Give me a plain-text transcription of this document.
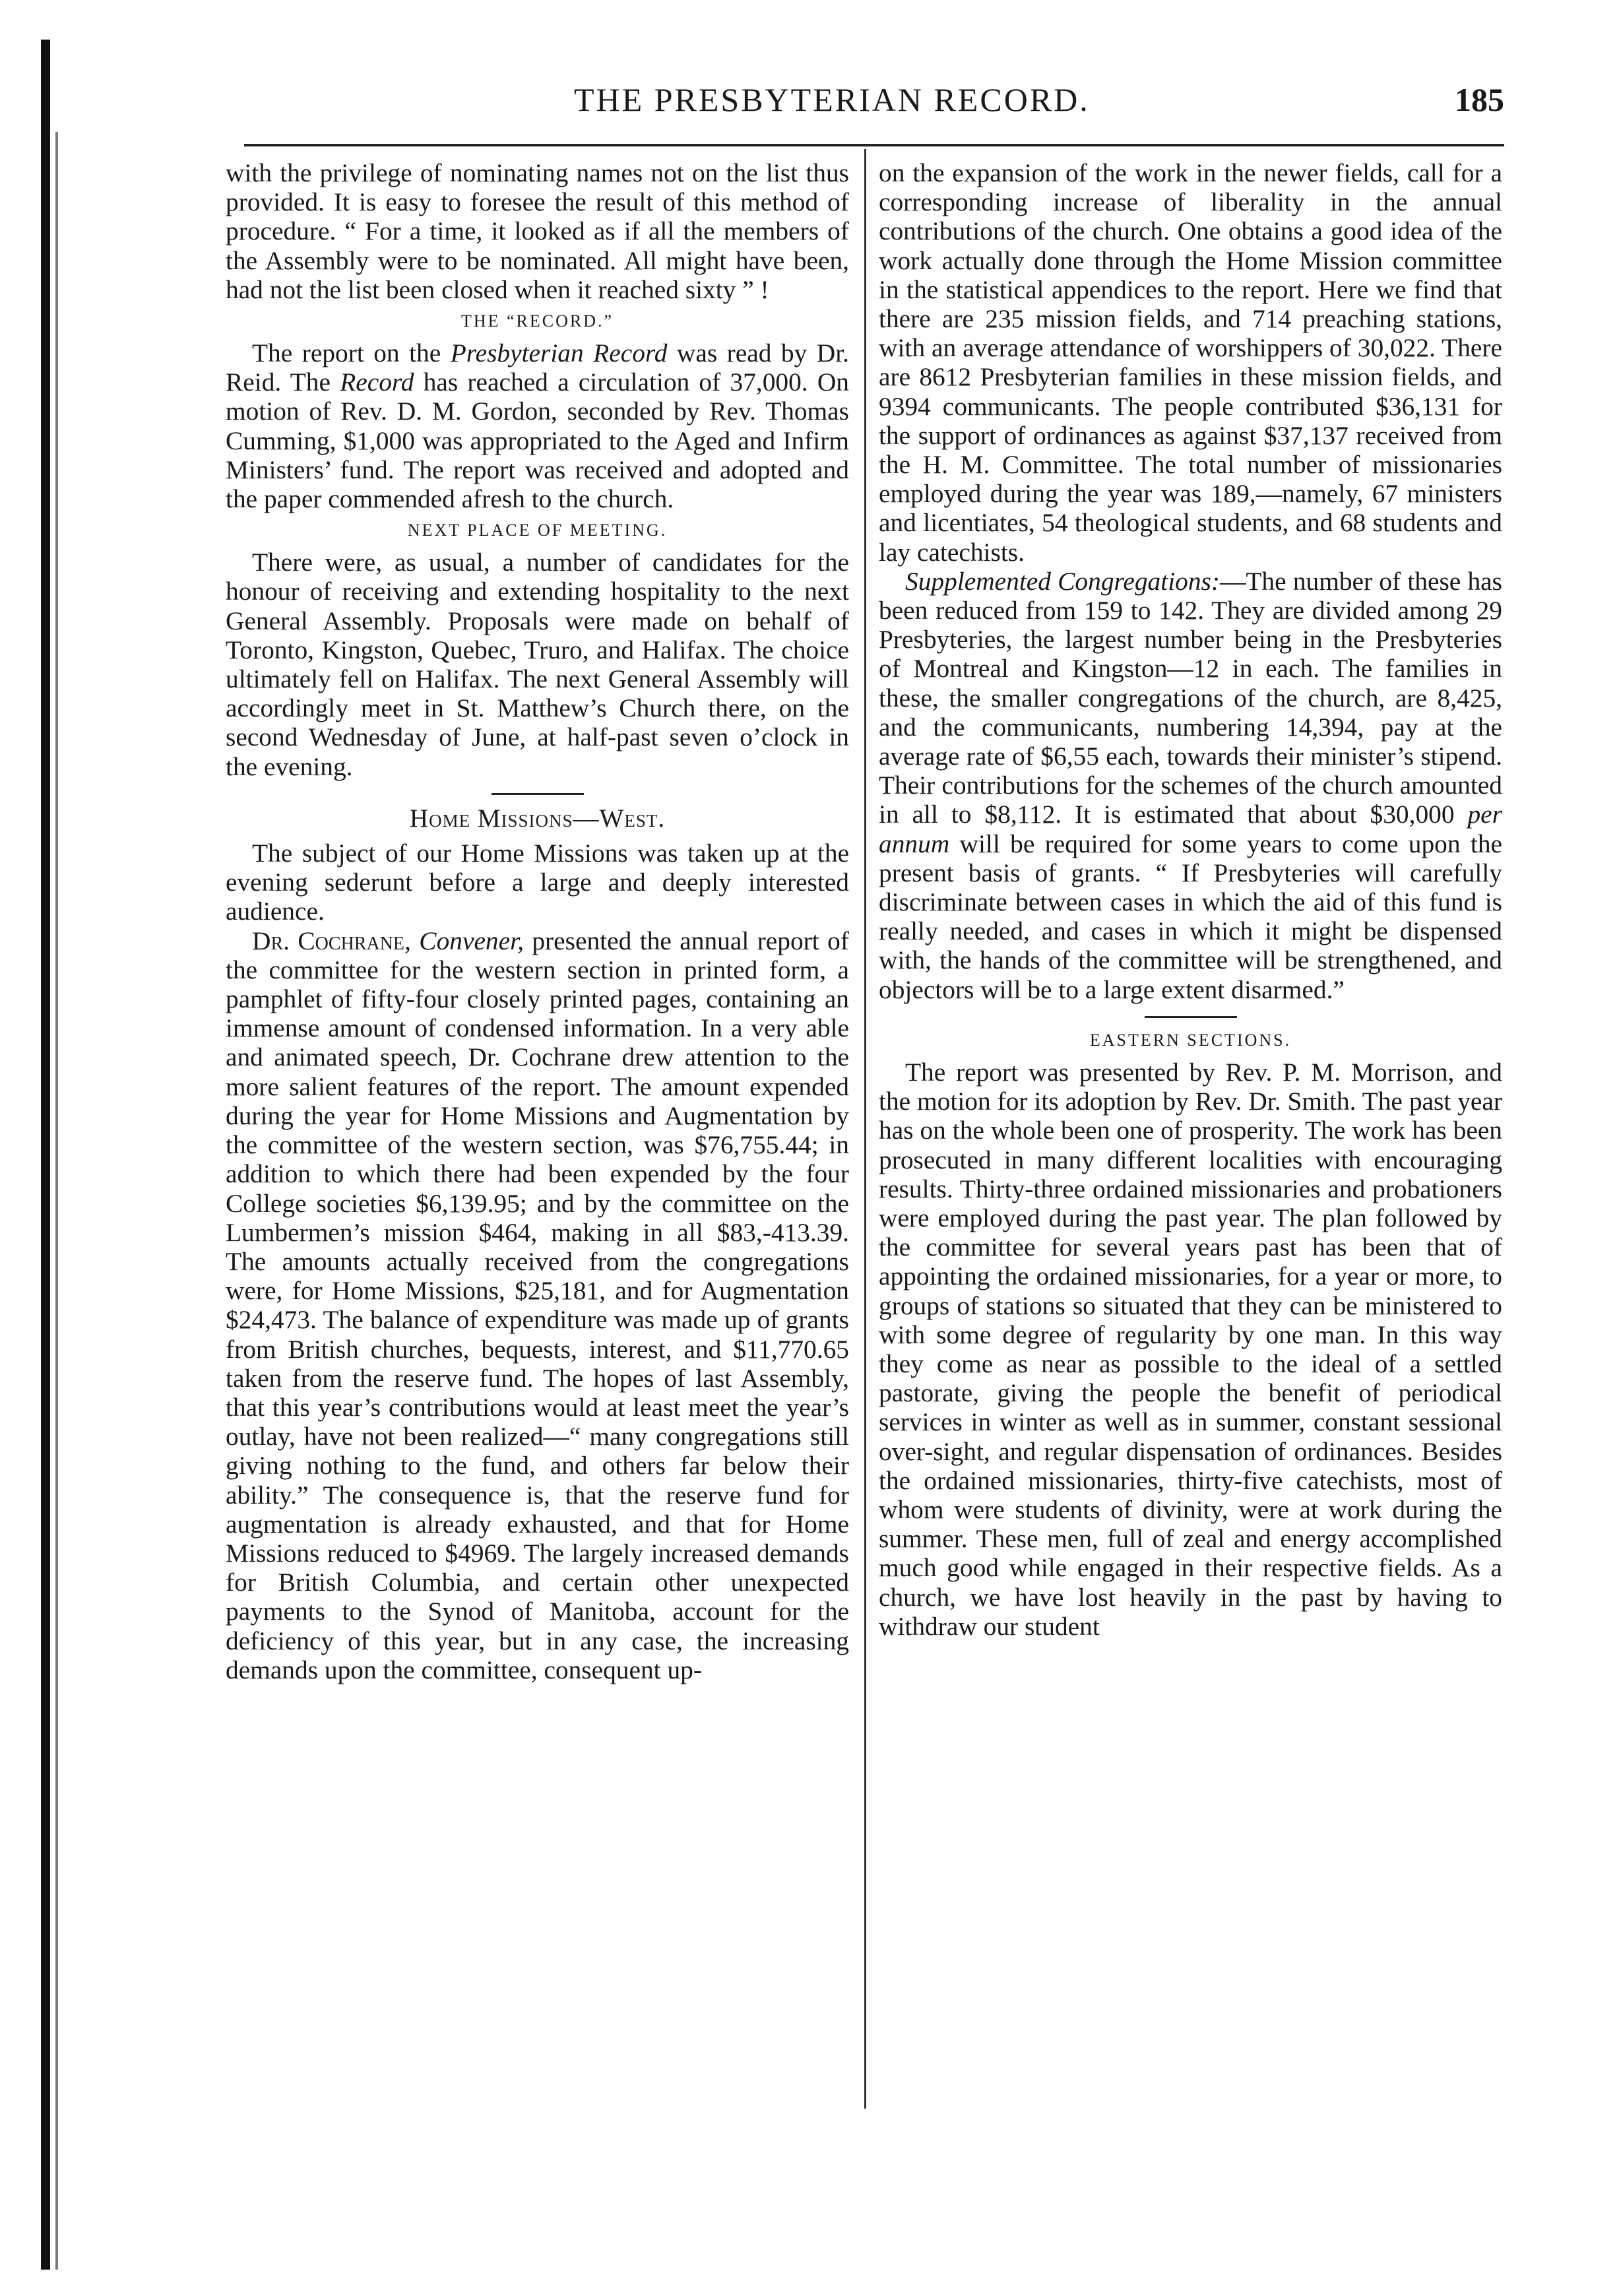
THE PRESBYTERIAN RECORD.	185

with the privilege of nominating names not on the list thus provided. It is easy to foresee the result of this method of procedure. “ For a time, it looked as if all the members of the Assembly were to be nominated. All might have been, had not the list been closed when it reached sixty ” !

THE “RECORD.”

The report on the Presbyterian Record was read by Dr. Reid. The Record has reached a circulation of 37,000. On motion of Rev. D. M. Gordon, seconded by Rev. Thomas Cumming, $1,000 was appropriated to the Aged and Infirm Ministers’ fund. The report was received and adopted and the paper commended afresh to the church.

NEXT PLACE OF MEETING.

There were, as usual, a number of candidates for the honour of receiving and extending hospitality to the next General Assembly. Proposals were made on behalf of Toronto, Kingston, Quebec, Truro, and Halifax. The choice ultimately fell on Halifax. The next General Assembly will accordingly meet in St. Matthew’s Church there, on the second Wednesday of June, at half-past seven o’clock in the evening.

Home Missions—West.

The subject of our Home Missions was taken up at the evening sederunt before a large and deeply interested audience.

Dr. Cochrane, Convener, presented the annual report of the committee for the western section in printed form, a pamphlet of fifty-four closely printed pages, containing an immense amount of condensed information. In a very able and animated speech, Dr. Cochrane drew attention to the more salient features of the report. The amount expended during the year for Home Missions and Augmentation by the committee of the western section, was $76,755.44; in addition to which there had been expended by the four College societies $6,139.95; and by the committee on the Lumbermen’s mission $464, making in all $83,-413.39. The amounts actually received from the congregations were, for Home Missions, $25,181, and for Augmentation $24,473. The balance of expenditure was made up of grants from British churches, bequests, interest, and $11,770.65 taken from the reserve fund. The hopes of last Assembly, that this year’s contributions would at least meet the year’s outlay, have not been realized—“ many congregations still giving nothing to the fund, and others far below their ability.” The consequence is, that the reserve fund for augmentation is already exhausted, and that for Home Missions reduced to $4969. The largely increased demands for British Columbia, and certain other unexpected payments to the Synod of Manitoba, account for the deficiency of this year, but in any case, the increasing demands upon the committee, consequent up-

on the expansion of the work in the newer fields, call for a corresponding increase of liberality in the annual contributions of the church. One obtains a good idea of the work actually done through the Home Mission committee in the statistical appendices to the report. Here we find that there are 235 mission fields, and 714 preaching stations, with an average attendance of worshippers of 30,022. There are 8612 Presbyterian families in these mission fields, and 9394 communicants. The people contributed $36,131 for the support of ordinances as against $37,137 received from the H. M. Committee. The total number of missionaries employed during the year was 189,—namely, 67 ministers and licentiates, 54 theological students, and 68 students and lay catechists.

Supplemented Congregations:—The number of these has been reduced from 159 to 142. They are divided among 29 Presbyteries, the largest number being in the Presbyteries of Montreal and Kingston—12 in each. The families in these, the smaller congregations of the church, are 8,425, and the communicants, numbering 14,394, pay at the average rate of $6,55 each, towards their minister’s stipend. Their contributions for the schemes of the church amounted in all to $8,112. It is estimated that about $30,000 per annum will be required for some years to come upon the present basis of grants. “ If Presbyteries will carefully discriminate between cases in which the aid of this fund is really needed, and cases in which it might be dispensed with, the hands of the committee will be strengthened, and objectors will be to a large extent disarmed.”

EASTERN SECTIONS.

The report was presented by Rev. P. M. Morrison, and the motion for its adoption by Rev. Dr. Smith. The past year has on the whole been one of prosperity. The work has been prosecuted in many different localities with encouraging results. Thirty-three ordained missionaries and probationers were employed during the past year. The plan followed by the committee for several years past has been that of appointing the ordained missionaries, for a year or more, to groups of stations so situated that they can be ministered to with some degree of regularity by one man. In this way they come as near as possible to the ideal of a settled pastorate, giving the people the benefit of periodical services in winter as well as in summer, constant sessional over-sight, and regular dispensation of ordinances. Besides the ordained missionaries, thirty-five catechists, most of whom were students of divinity, were at work during the summer. These men, full of zeal and energy accomplished much good while engaged in their respective fields. As a church, we have lost heavily in the past by having to withdraw our student
